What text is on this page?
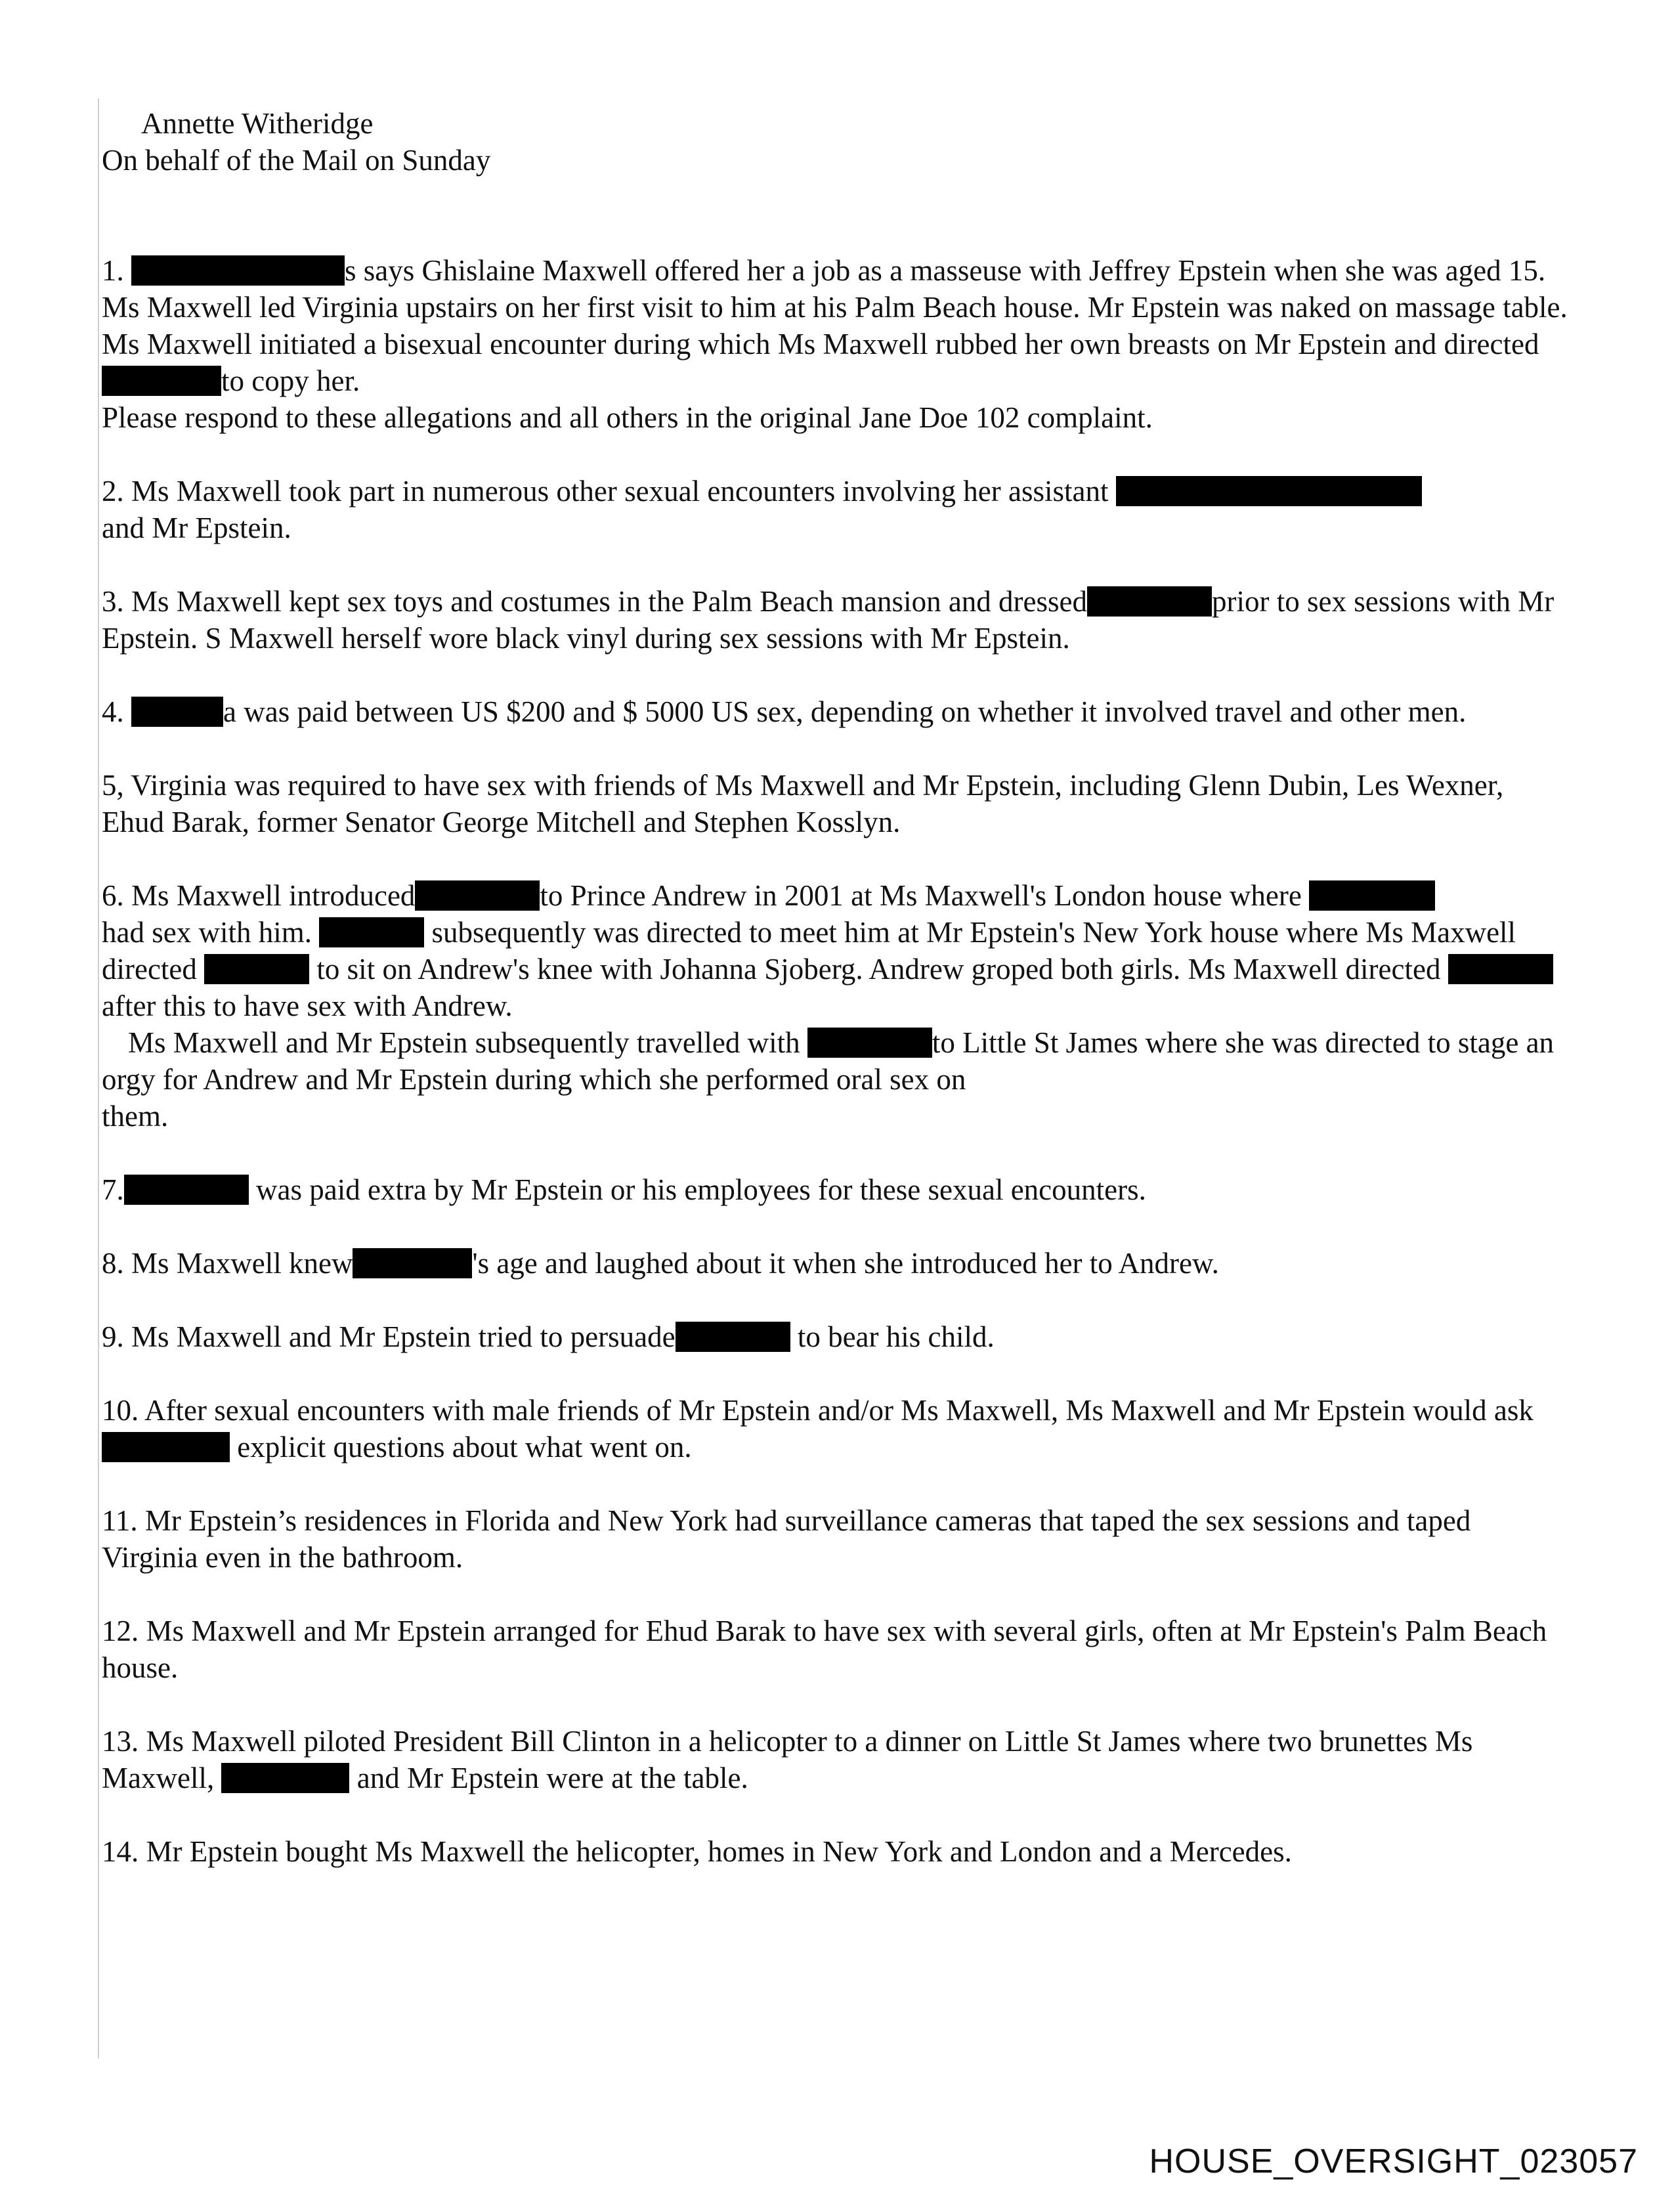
Annette Witheridge

On behalf of the Mail on Sunday

1.	s says Ghislaine Maxwell offered her a job as a masseuse with Jeffrey Epstein when she was aged 15. Ms Maxwell led Virginia upstairs on her first visit to him at his Palm Beach house. Mr Epstein was naked on massage table.
Ms Maxwell initiated a bisexual encounter during which Ms Maxwell rubbed her own breasts on Mr Epstein and directed to copy her.
Please respond to these allegations and all others in the original Jane Doe 102 complaint.

2. Ms Maxwell took part in numerous other sexual encounters involving her assistant
and Mr Epstein.

3. Ms Maxwell kept sex toys and costumes in the Palm Beach mansion and dressed	prior to sex sessions with Mr Epstein. S Maxwell herself wore black vinyl during sex sessions with Mr Epstein.

4.	a was paid between US $200 and $ 5000 US sex, depending on whether it involved travel and other men.

5, Virginia was required to have sex with friends of Ms Maxwell and Mr Epstein, including Glenn Dubin, Les Wexner, Ehud Barak, former Senator George Mitchell and Stephen Kosslyn.

6. Ms Maxwell introduced	to Prince Andrew in 2001 at Ms Maxwell's London house where
had sex with him.	subsequently was directed to meet him at Mr Epstein's New York house where Ms Maxwell directed	to sit on Andrew's knee with Johanna Sjoberg. Andrew groped both girls. Ms Maxwell directed  after this to have sex with Andrew.
Ms Maxwell and Mr Epstein subsequently travelled with	to Little St James where she was directed to stage an orgy for Andrew and Mr Epstein during which she performed oral sex on
them.

7.	was paid extra by Mr Epstein or his employees for these sexual encounters.

8. Ms Maxwell knew	's age and laughed about it when she introduced her to Andrew.

9. Ms Maxwell and Mr Epstein tried to persuade	to bear his child.

10. After sexual encounters with male friends of Mr Epstein and/or Ms Maxwell, Ms Maxwell and Mr Epstein would ask explicit questions about what went on.

11. Mr Epstein’s residences in Florida and New York had surveillance cameras that taped the sex sessions and taped Virginia even in the bathroom.

12. Ms Maxwell and Mr Epstein arranged for Ehud Barak to have sex with several girls, often at Mr Epstein's Palm Beach house.

13. Ms Maxwell piloted President Bill Clinton in a helicopter to a dinner on Little St James where two brunettes Ms Maxwell,	and Mr Epstein were at the table.

14. Mr Epstein bought Ms Maxwell the helicopter, homes in New York and London and a Mercedes.

HOUSE_OVERSIGHT_023057
